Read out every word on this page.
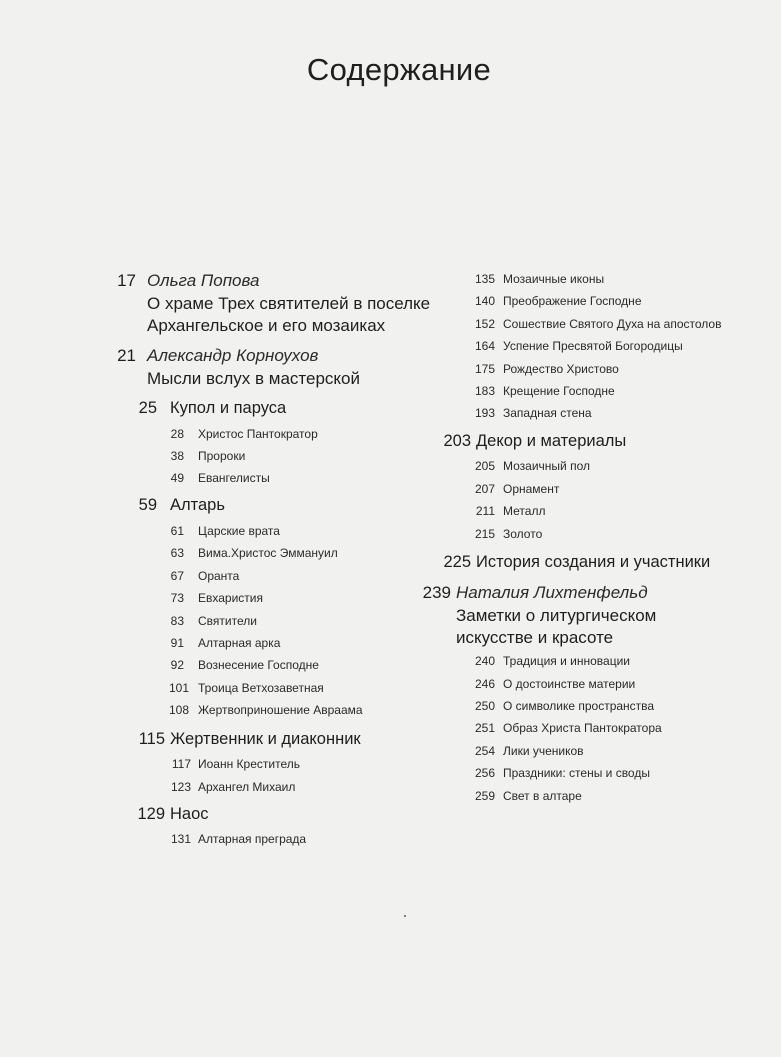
Содержание
17 Ольга Попова
О храме Трех святителей в поселке
Архангельское и его мозаиках
21 Александр Корноухов
Мысли вслух в мастерской
25 Купол и паруса
28 Христос Пантократор
38 Пророки
49 Евангелисты
59 Алтарь
61 Царские врата
63 Вима.Христос Эммануил
67 Оранта
73 Евхаристия
83 Святители
91 Алтарная арка
92 Вознесение Господне
101 Троица Ветхозаветная
108 Жертвоприношение Авраама
115 Жертвенник и диаконник
117 Иоанн Креститель
123 Архангел Михаил
129 Наос
131 Алтарная преграда
135 Мозаичные иконы
140 Преображение Господне
152 Сошествие Святого Духа на апостолов
164 Успение Пресвятой Богородицы
175 Рождество Христово
183 Крещение Господне
193 Западная стена
203 Декор и материалы
205 Мозаичный пол
207 Орнамент
211 Металл
215 Золото
225 История создания и участники
239 Наталия Лихтенфельд
Заметки о литургическом
искусстве и красоте
240 Традиция и инновации
246 О достоинстве материи
250 О символике пространства
251 Образ Христа Пантократора
254 Лики учеников
256 Праздники: стены и своды
259 Свет в алтаре
